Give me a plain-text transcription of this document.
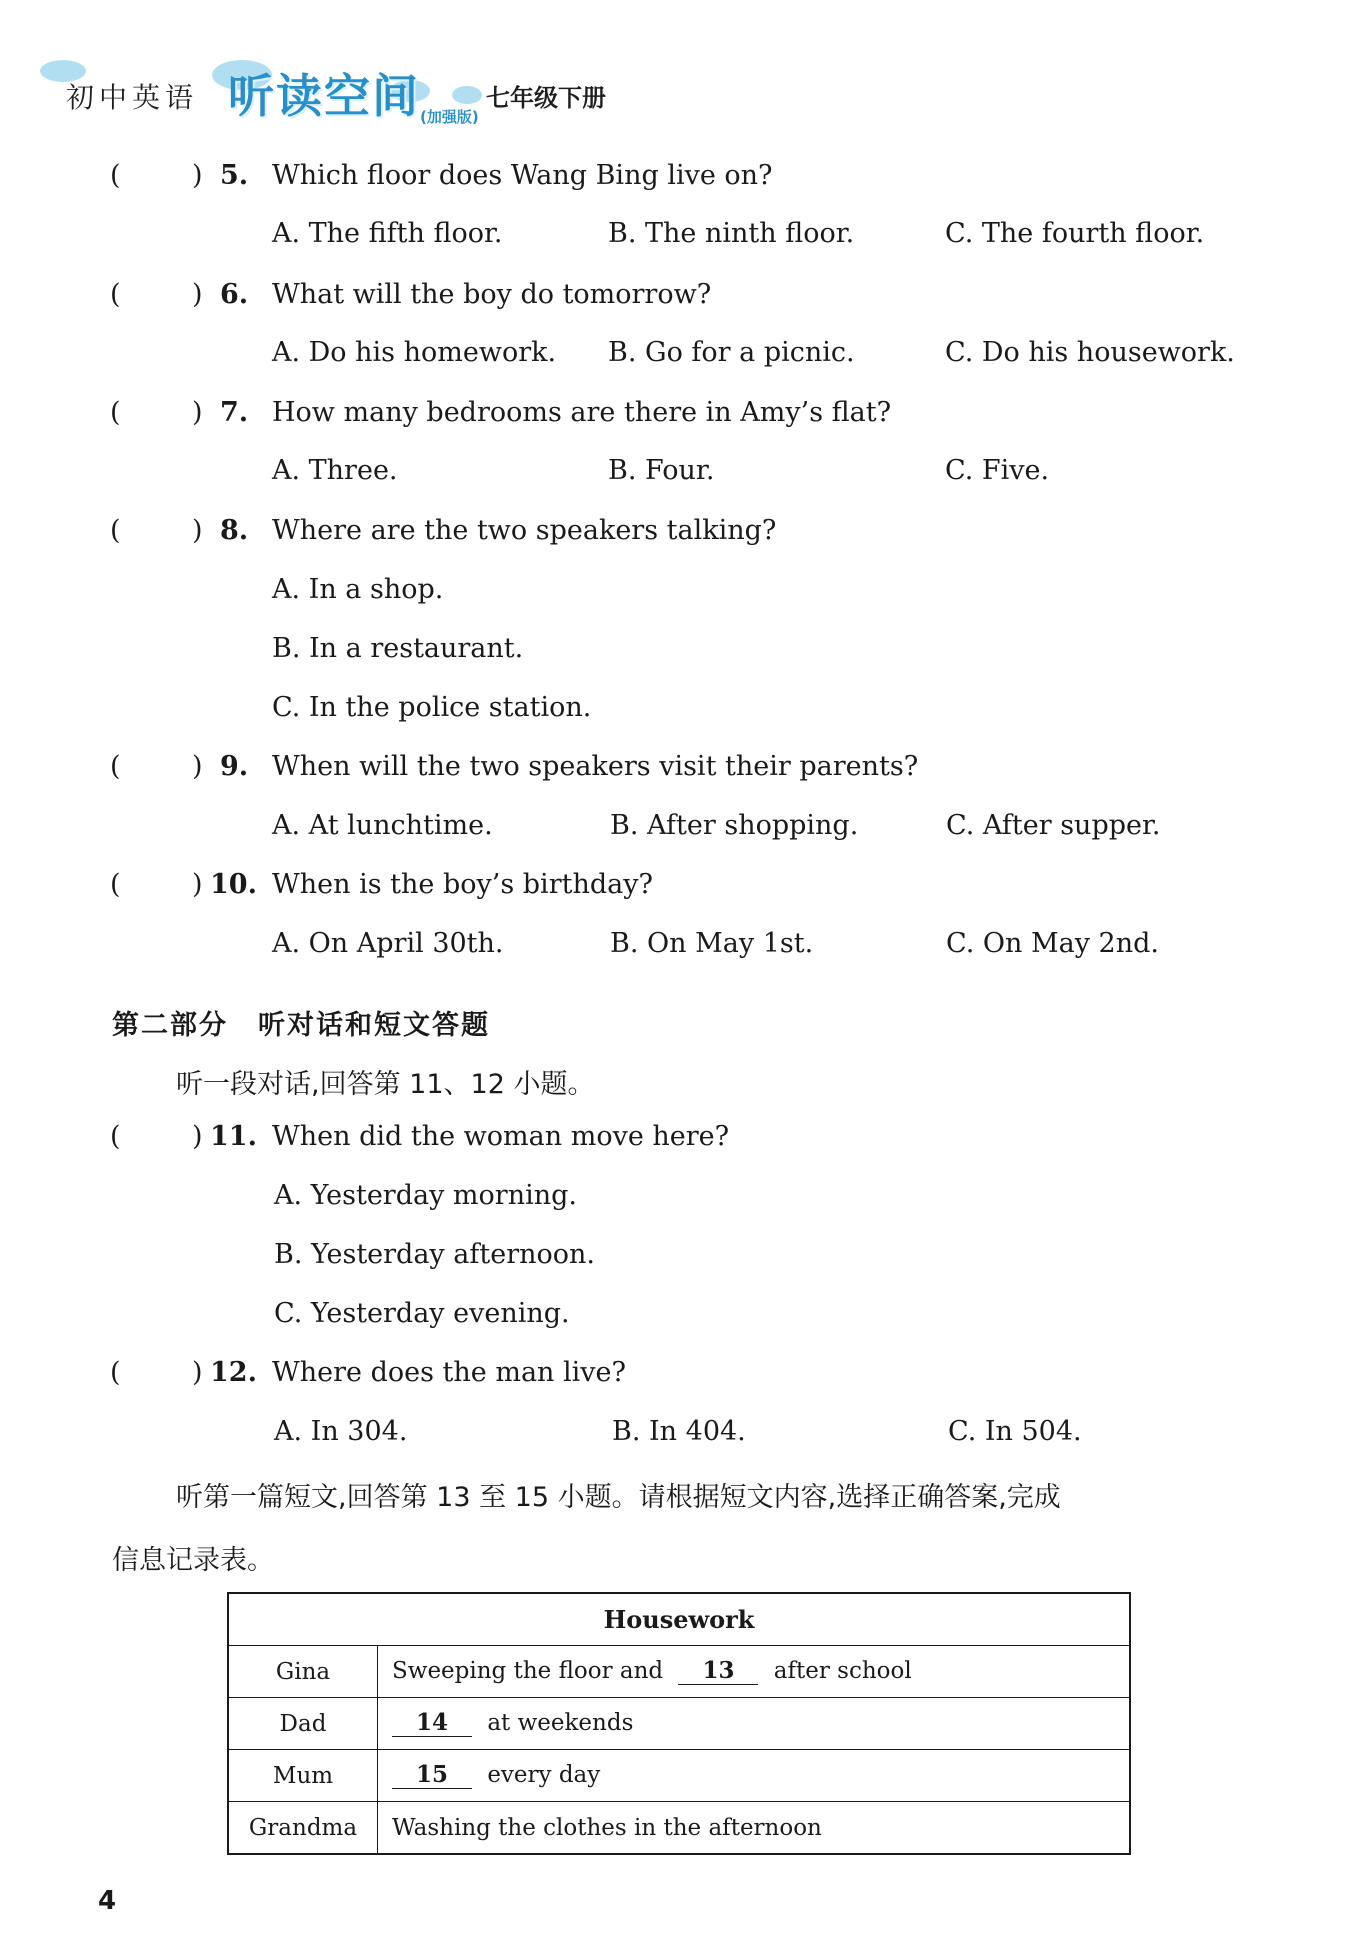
初中英语 听读空间 (加强版)
七年级下册
(	) 5. Which floor does Wang Bing live on?
A. The fifth floor.	B. The ninth floor.	C. The fourth floor.
(	) 6. What will the boy do tomorrow?
A. Do his homework. B. Go for a picnic.	C. Do his housework.
(	) 7. How many bedrooms are there in Amy’s flat?
A. Three.	B. Four.	C. Five.
(	) 8. Where are the two speakers talking?
A. In a shop.
B. In a restaurant.
C. In the police station.
(	) 9. When will the two speakers visit their parents?
A. At lunchtime.	B. After shopping.	C. After supper.
(	) 10. When is the boy’s birthday?
A. On April 30th.	B. On May 1st.	C. On May 2nd.
第二部分 听对话和短文答题
听一段对话,回答第 11、12 小题。
(	) 11. When did the woman move here?
A. Yesterday morning.
B. Yesterday afternoon.
C. Yesterday evening.
(	) 12. Where does the man live?
A. In 304.	B. In 404.	C. In 504.
听第一篇短文,回答第 13 至 15 小题。请根据短文内容,选择正确答案,完成
信息记录表。
Housework	
Gina	Sweeping the floor and 13 after school
Dad	14 at weekends
Mum	15 every day
Grandma	Washing the clothes in the afternoon
4
